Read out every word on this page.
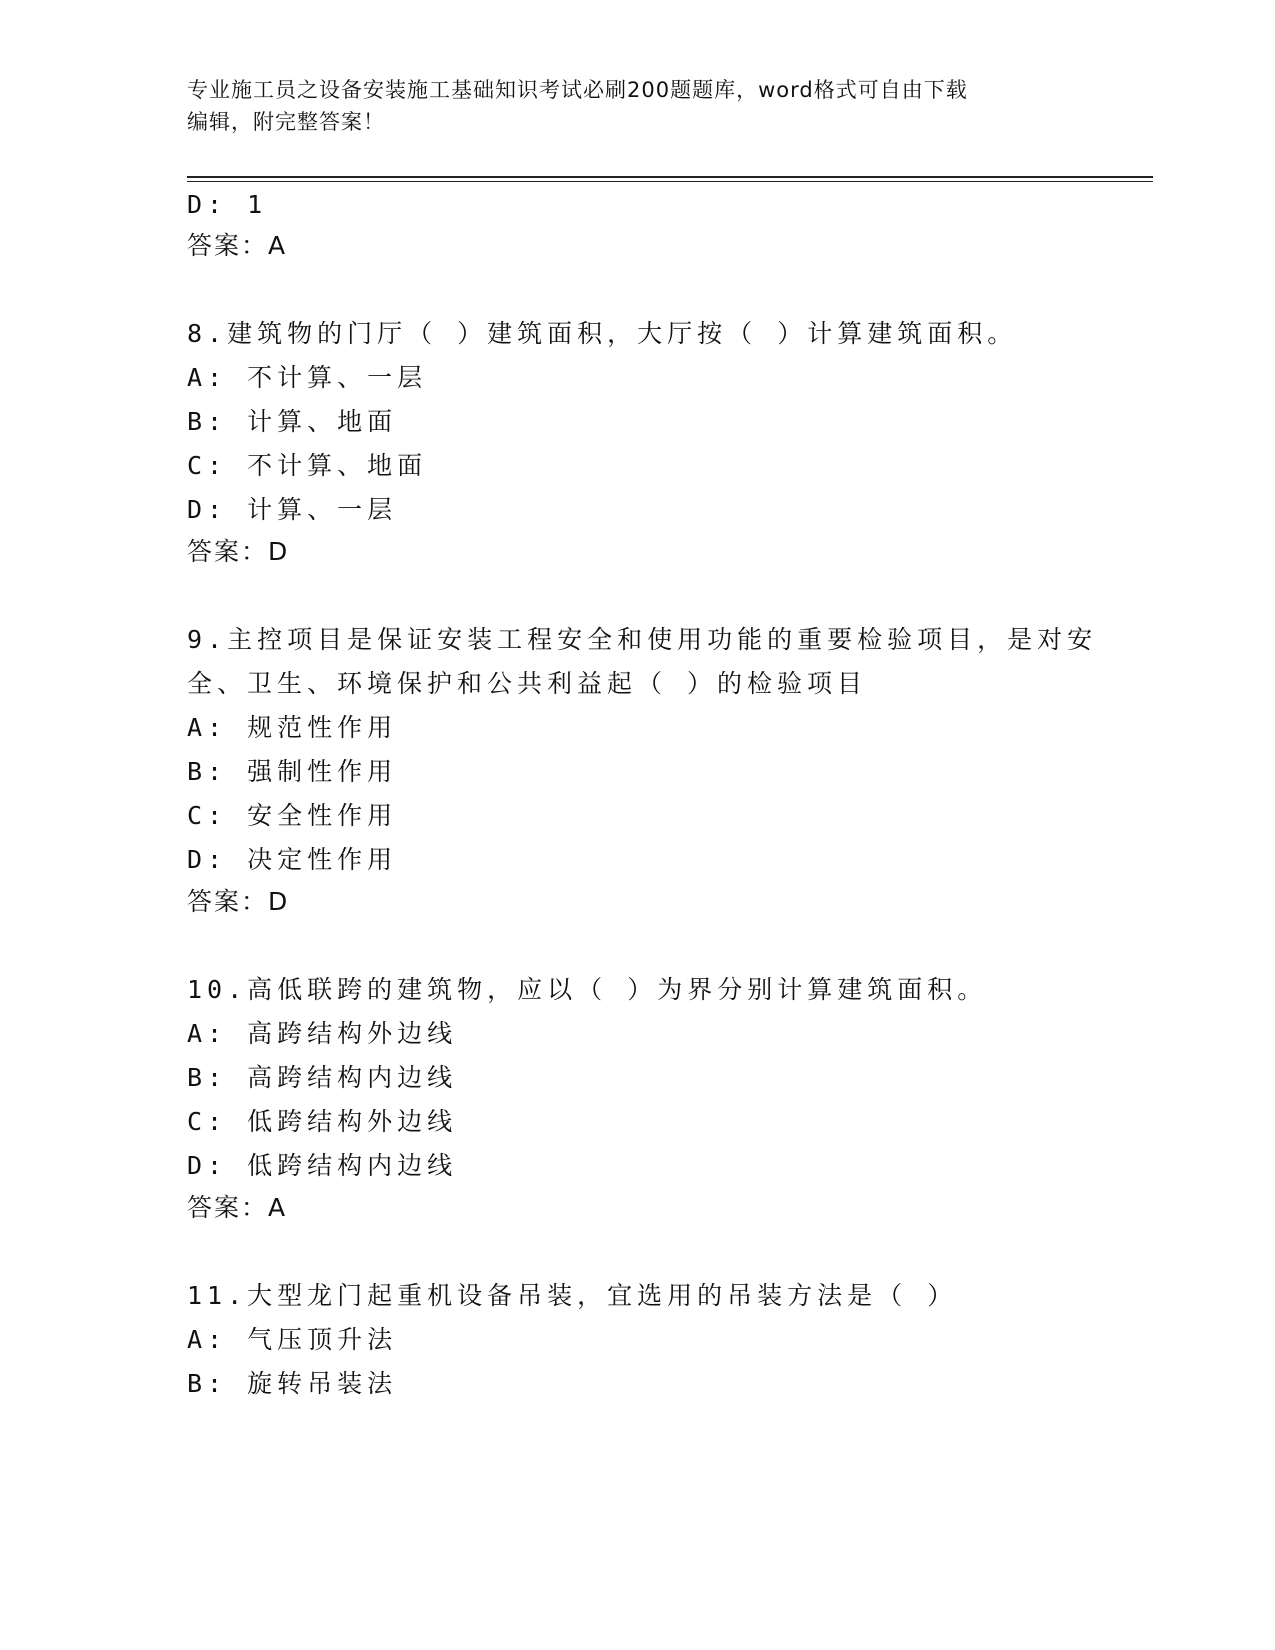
专业施工员之设备安装施工基础知识考试必刷200题题库，word格式可自由下载
编辑，附完整答案！
D: 1
答案：A
8.建筑物的门厅（ ）建筑面积，大厅按（ ）计算建筑面积。
A: 不计算、一层
B: 计算、地面
C: 不计算、地面
D: 计算、一层
答案：D
9.主控项目是保证安装工程安全和使用功能的重要检验项目，是对安
全、卫生、环境保护和公共利益起（ ）的检验项目
A: 规范性作用
B: 强制性作用
C: 安全性作用
D: 决定性作用
答案：D
10.高低联跨的建筑物，应以（ ）为界分别计算建筑面积。
A: 高跨结构外边线
B: 高跨结构内边线
C: 低跨结构外边线
D: 低跨结构内边线
答案：A
11.大型龙门起重机设备吊装，宜选用的吊装方法是（ ）
A: 气压顶升法
B: 旋转吊装法
